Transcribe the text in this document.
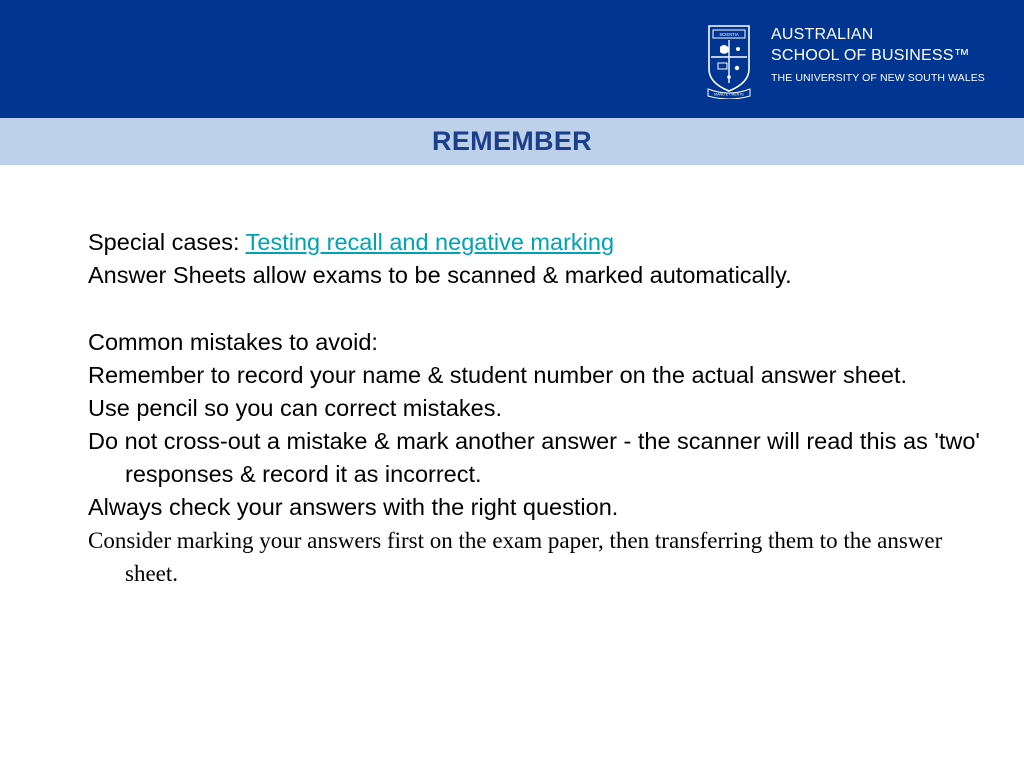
SCIENTIA
MANU ET MENTE
AUSTRALIAN
SCHOOL OF BUSINESS™
THE UNIVERSITY OF NEW SOUTH WALES
REMEMBER

Special cases: Testing recall and negative marking

Answer Sheets allow exams to be scanned & marked automatically.

Common mistakes to avoid:

Remember to record your name & student number on the actual answer sheet.

Use pencil so you can correct mistakes.

Do not cross-out a mistake & mark another answer - the scanner will read this as 'two' responses & record it as incorrect.

Always check your answers with the right question.

Consider marking your answers first on the exam paper, then transferring them to the answer sheet.
